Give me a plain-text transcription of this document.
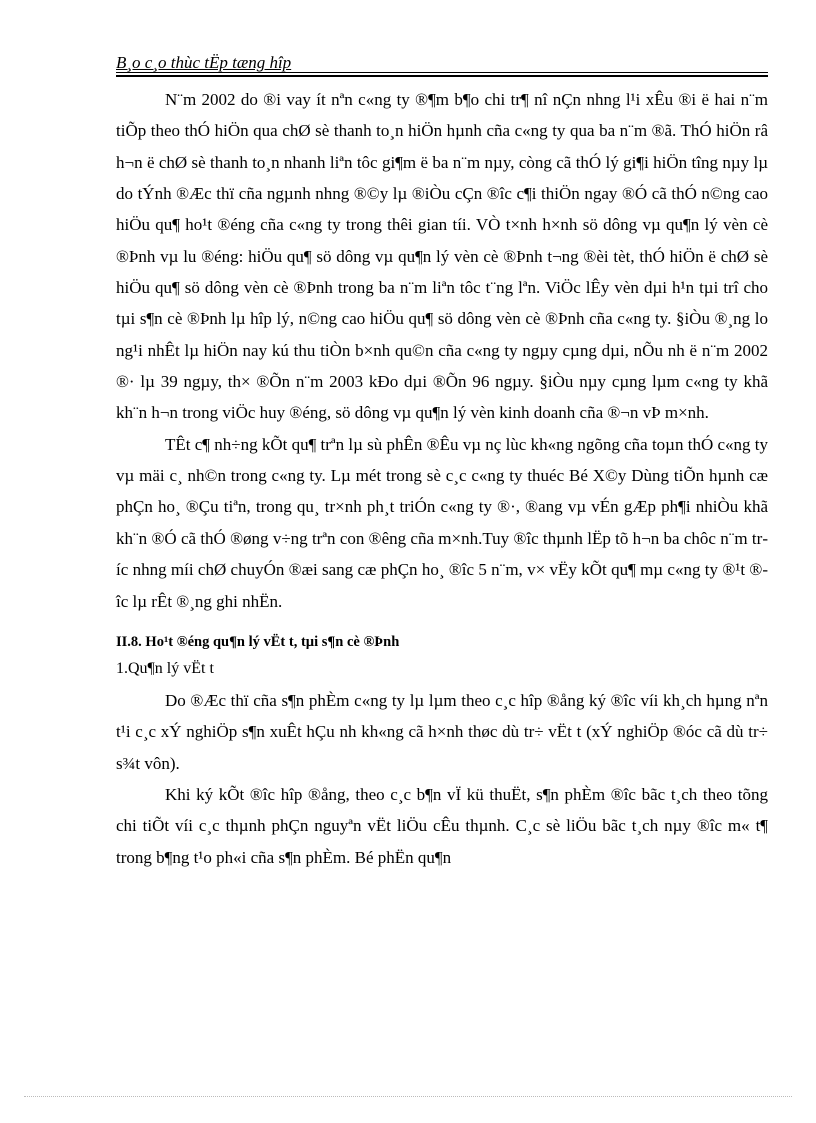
B¸o c¸o thùc tËp tæng hîp

N¨m 2002 do ®i vay ít nªn c«ng ty ®¶m b¶o chi tr¶ nî nÇn nhng l¹i xÊu ®i ë hai n¨m tiÕp theo thÓ hiÖn qua chØ sè thanh to¸n hiÖn hµnh cña c«ng ty qua ba n¨m ®ã. ThÓ hiÖn râ h¬n ë chØ sè thanh to¸n nhanh liªn tôc gi¶m ë ba n¨m nµy, còng cã thÓ lý gi¶i hiÖn tîng nµy lµ do tÝnh ®Æc thï cña ngµnh nhng ®©y lµ ®iÒu cÇn ®îc c¶i thiÖn ngay ®Ó cã thÓ n©ng cao hiÖu qu¶ ho¹t ®éng cña c«ng ty trong thêi gian tíi. VÒ t×nh h×nh sö dông vµ qu¶n lý vèn cè ®Þnh vµ lu ®éng: hiÖu qu¶ sö dông vµ qu¶n lý vèn cè ®Þnh t¬ng ®èi tèt, thÓ hiÖn ë chØ sè hiÖu qu¶ sö dông vèn cè ®Þnh trong ba n¨m liªn tôc t¨ng lªn. ViÖc lÊy vèn dµi h¹n tµi trî cho tµi s¶n cè ®Þnh lµ hîp lý, n©ng cao hiÖu qu¶ sö dông vèn cè ®Þnh cña c«ng ty. §iÒu ®¸ng lo ng¹i nhÊt lµ hiÖn nay kú thu tiÒn b×nh qu©n cña c«ng ty ngµy cµng dµi, nÕu nh ë n¨m 2002 ®· lµ 39 ngµy, th× ®Õn n¨m 2003 kÐo dµi ®Õn 96 ngµy. §iÒu nµy cµng lµm c«ng ty khã kh¨n h¬n trong viÖc huy ®éng, sö dông vµ qu¶n lý vèn kinh doanh cña ®¬n vÞ m×nh.

TÊt c¶ nh÷ng kÕt qu¶ trªn lµ sù phÊn ®Êu vµ nç lùc kh«ng ngõng cña toµn thÓ c«ng ty vµ mäi c¸ nh©n trong c«ng ty. Lµ mét trong sè c¸c c«ng ty thuéc Bé X©y Dùng tiÕn hµnh cæ phÇn ho¸ ®Çu tiªn, trong qu¸ tr×nh ph¸t triÓn c«ng ty ®·, ®ang vµ vÉn gÆp ph¶i nhiÒu khã kh¨n ®Ó cã thÓ ®øng v÷ng trªn con ®êng cña m×nh.Tuy ®îc thµnh lËp tõ h¬n ba chôc n¨m tríc nhng míi chØ chuyÓn ®æi sang cæ phÇn ho¸ ®îc 5 n¨m, v× vËy kÕt qu¶ mµ c«ng ty ®¹t ®îc lµ rÊt ®¸ng ghi nhËn.

II.8. Ho¹t ®éng qu¶n lý vËt t, tµi s¶n cè ®Þnh

1.Qu¶n lý vËt t

Do ®Æc thï cña s¶n phÈm c«ng ty lµ lµm theo c¸c hîp ®ång ký ®îc víi kh¸ch hµng nªn t¹i c¸c xÝ nghiÖp s¶n xuÊt hÇu nh kh«ng cã h×nh thøc dù tr÷ vËt t (xÝ nghiÖp ®óc cã dù tr÷ s¾t vôn).

Khi ký kÕt ®îc hîp ®ång, theo c¸c b¶n vÏ kü thuËt, s¶n phÈm ®îc bãc t¸ch theo tõng chi tiÕt víi c¸c thµnh phÇn nguyªn vËt liÖu cÊu thµnh. C¸c sè liÖu bãc t¸ch nµy ®îc m« t¶ trong b¶ng t¹o ph«i cña s¶n phÈm. Bé phËn qu¶n
